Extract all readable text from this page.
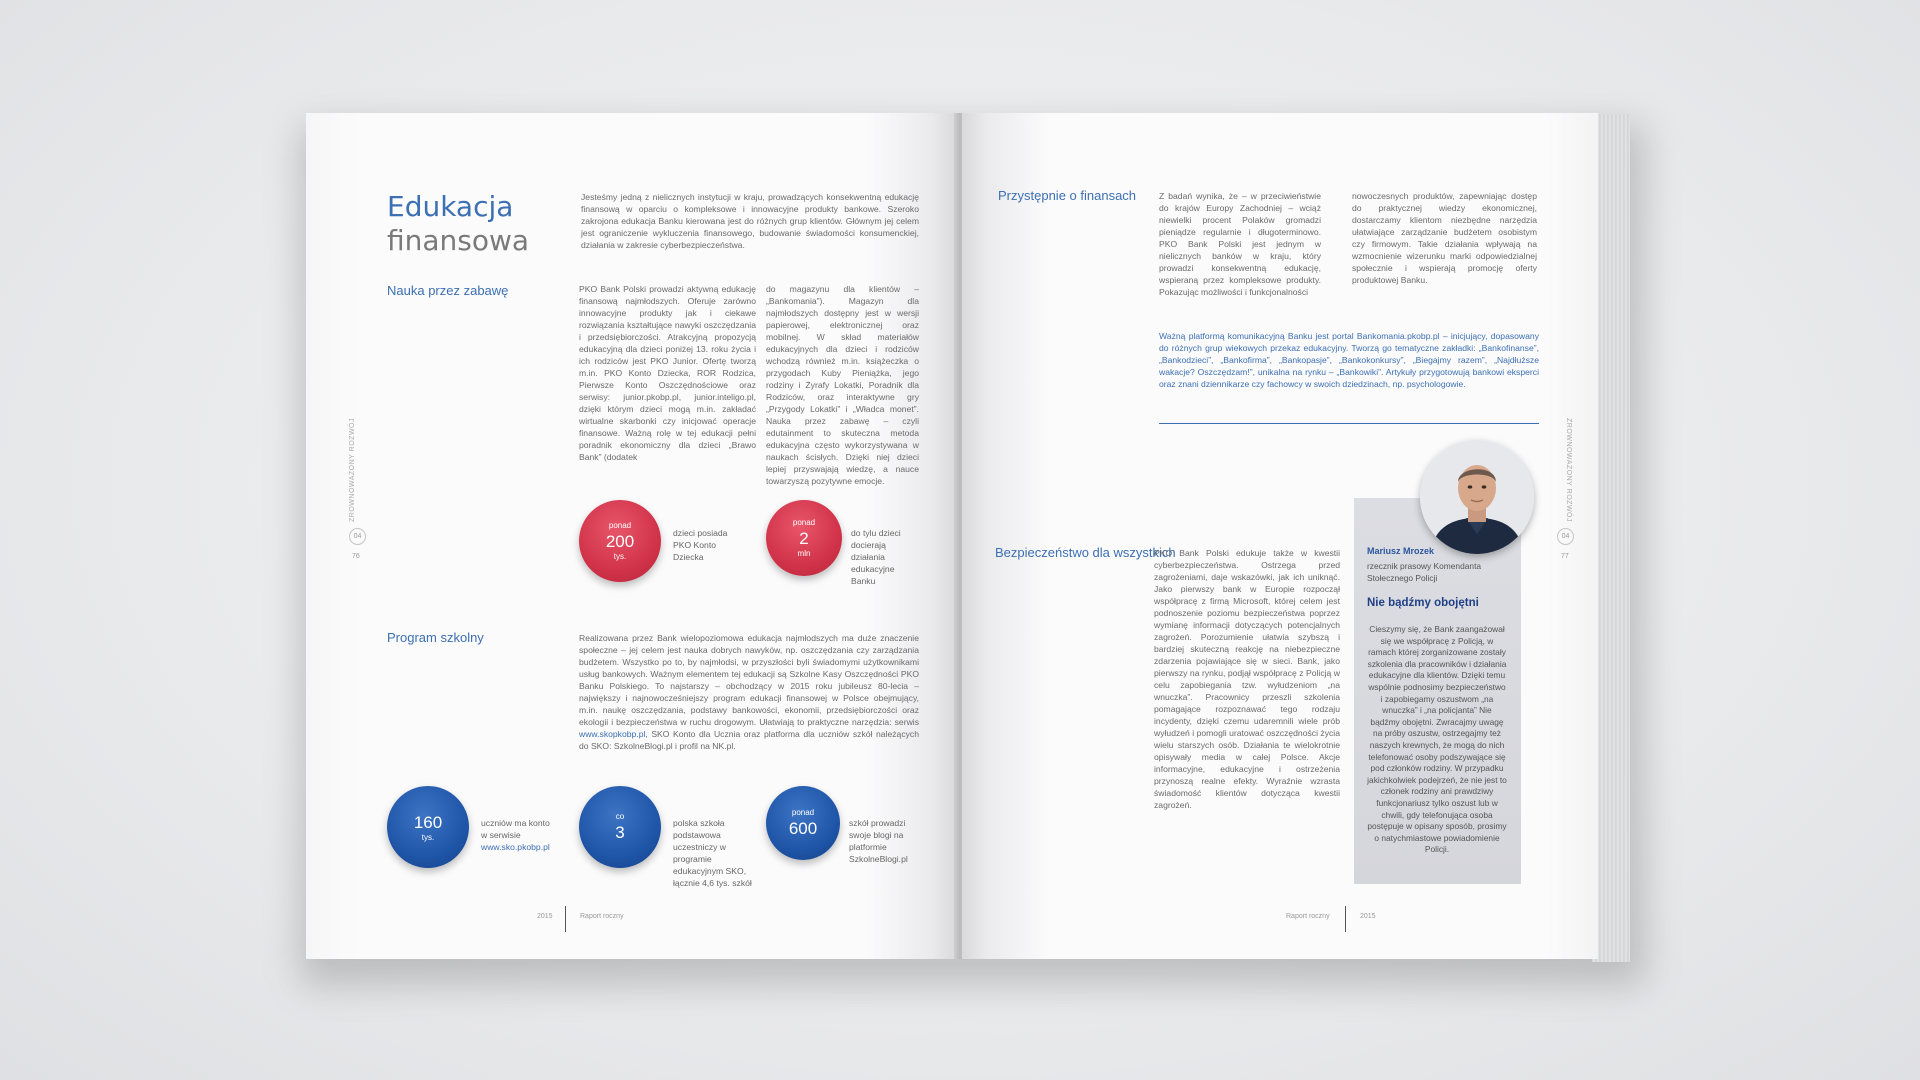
Edukacja
finansowa
Jesteśmy jedną z nielicznych instytucji w kraju, prowadzących konsekwentną edukację finansową w oparciu o kompleksowe i innowacyjne produkty bankowe. Szeroko zakrojona edukacja Banku kierowana jest do różnych grup klientów. Głównym jej celem jest ograniczenie wykluczenia finansowego, budowanie świadomości konsumenckiej, działania w zakresie cyberbezpieczeństwa.
Nauka przez zabawę	PKO Bank Polski prowadzi aktywną edukację finansową najmłodszych. Oferuje zarówno innowacyjne produkty jak i ciekawe rozwiązania kształtujące nawyki oszczędzania i przedsiębiorczości. Atrakcyjną propozycją edukacyjną dla dzieci poniżej 13. roku życia i ich rodziców jest PKO Junior. Ofertę tworzą m.in. PKO Konto Dziecka, ROR Rodzica, Pierwsze Konto Oszczędnościowe oraz serwisy: junior.pkobp.pl, junior.inteligo.pl, dzięki którym dzieci mogą m.in. zakładać wirtualne skarbonki czy inicjować operacje finansowe. Ważną rolę w tej edukacji pełni poradnik ekonomiczny dla dzieci „Brawo Bank” (dodatek
do magazynu dla klientów – „Bankomania”). Magazyn dla najmłodszych dostępny jest w wersji papierowej, elektronicznej oraz mobilnej. W skład materiałów edukacyjnych dla dzieci i rodziców wchodzą również m.in. książeczka o przygodach Kuby Pieniążka, jego rodziny i Żyrafy Lokatki, Poradnik dla Rodziców, oraz interaktywne gry „Przygody Lokatki” i „Władca monet”. Nauka przez zabawę – czyli edutainment to skuteczna metoda edukacyjna często wykorzystywana w naukach ścisłych. Dzięki niej dzieci lepiej przyswajają wiedzę, a nauce towarzyszą pozytywne emocje.
ZROWNOWAŻONY ROZWÓJ
04
76
ponad
200
tys.
dzieci posiada PKO Konto Dziecka
ponad
2
mln
do tylu dzieci docierają działania edukacyjne Banku
Program szkolny	Realizowana przez Bank wielopoziomowa edukacja najmłodszych ma duże znaczenie społeczne – jej celem jest nauka dobrych nawyków, np. oszczędzania czy zarządzania budżetem. Wszystko po to, by najmłodsi, w przyszłości byli świadomymi użytkownikami usług bankowych. Ważnym elementem tej edukacji są Szkolne Kasy Oszczędności PKO Banku Polskiego. To najstarszy – obchodzący w 2015 roku jubileusz 80-lecia – największy i najnowocześniejszy program edukacji finansowej w Polsce obejmujący, m.in. naukę oszczędzania, podstawy bankowości, ekonomii, przedsiębiorczości oraz ekologii i bezpieczeństwa w ruchu drogowym. Ułatwiają to praktyczne narzędzia: serwis www.skopkobp.pl, SKO Konto dla Ucznia oraz platforma dla uczniów szkół należących do SKO: SzkolneBlogi.pl i profil na NK.pl.
160
tys.
uczniów ma konto w serwisie
www.sko.pkobp.pl
co
3	polska szkoła podstawowa uczestniczy w programie edukacyjnym SKO, łącznie 4,6 tys. szkół
ponad
600	szkół prowadzi swoje blogi na platformie SzkolneBlogi.pl
2015	Raport roczny
Przystępnie o finansach	Z badań wynika, że – w przeciwieństwie do krajów Europy Zachodniej – wciąż niewielki procent Polaków gromadzi pieniądze regularnie i długoterminowo. PKO Bank Polski jest jednym w nielicznych banków w kraju, który prowadzi konsekwentną edukację, wspieraną przez kompleksowe produkty. Pokazując możliwości i funkcjonalności
nowoczesnych produktów, zapewniając dostęp do praktycznej wiedzy ekonomicznej, dostarczamy klientom niezbędne narzędzia ułatwiające zarządzanie budżetem osobistym czy firmowym. Takie działania wpływają na wzmocnienie wizerunku marki odpowiedzialnej społecznie i wspierają promocję oferty produktowej Banku.
Ważną platformą komunikacyjną Banku jest portal Bankomania.pkobp.pl – inicjujący, dopasowany do różnych grup wiekowych przekaz edukacyjny. Tworzą go tematyczne zakładki: „Bankofinanse”, „Bankodzieci”, „Bankofirma”, „Bankopasje”, „Bankokonkursy”, „Biegajmy razem”, „Najdłuższe wakacje? Oszczędzam!”, unikalna na rynku – „Bankowiki”. Artykuły przygotowują bankowi eksperci oraz znani dziennikarze czy fachowcy w swoich dziedzinach, np. psychologowie.
ZROWNOWAŻONY ROZWÓJ
04
77
Bezpieczeństwo dla wszystkich
PKO Bank Polski edukuje także w kwestii cyberbezpieczeństwa. Ostrzega przed zagrożeniami, daje wskazówki, jak ich uniknąć. Jako pierwszy bank w Europie rozpoczął współpracę z firmą Microsoft, której celem jest podnoszenie poziomu bezpieczeństwa poprzez wymianę informacji dotyczących potencjalnych zagrożeń. Porozumienie ułatwia szybszą i bardziej skuteczną reakcję na niebezpieczne zdarzenia pojawiające się w sieci. Bank, jako pierwszy na rynku, podjął współpracę z Policją w celu zapobiegania tzw. wyłudzeniom „na wnuczka”. Pracownicy przeszli szkolenia pomagające rozpoznawać tego rodzaju incydenty, dzięki czemu udaremnili wiele prób wyłudzeń i pomogli uratować oszczędności życia wielu starszych osób. Działania te wielokrotnie opisywały media w całej Polsce. Akcje informacyjne, edukacyjne i ostrzeżenia przynoszą realne efekty. Wyraźnie wzrasta świadomość klientów dotycząca kwestii zagrożeń.
Mariusz Mrozek
rzecznik prasowy Komendanta Stołecznego Policji
Nie bądźmy obojętni
Cieszymy się, że Bank zaangażował się we współpracę z Policją, w ramach której zorganizowane zostały szkolenia dla pracowników i działania edukacyjne dla klientów. Dzięki temu wspólnie podnosimy bezpieczeństwo i zapobiegamy oszustwom „na wnuczka” i „na policjanta” Nie bądźmy obojętni. Zwracajmy uwagę na próby oszustw, ostrzegajmy też naszych krewnych, że mogą do nich telefonować osoby podszywające się pod członków rodziny. W przypadku jakichkolwiek podejrzeń, że nie jest to członek rodziny ani prawdziwy funkcjonariusz tylko oszust lub w chwili, gdy telefonująca osoba postępuje w opisany sposób, prosimy o natychmiastowe powiadomienie Policji.
Raport roczny	2015
